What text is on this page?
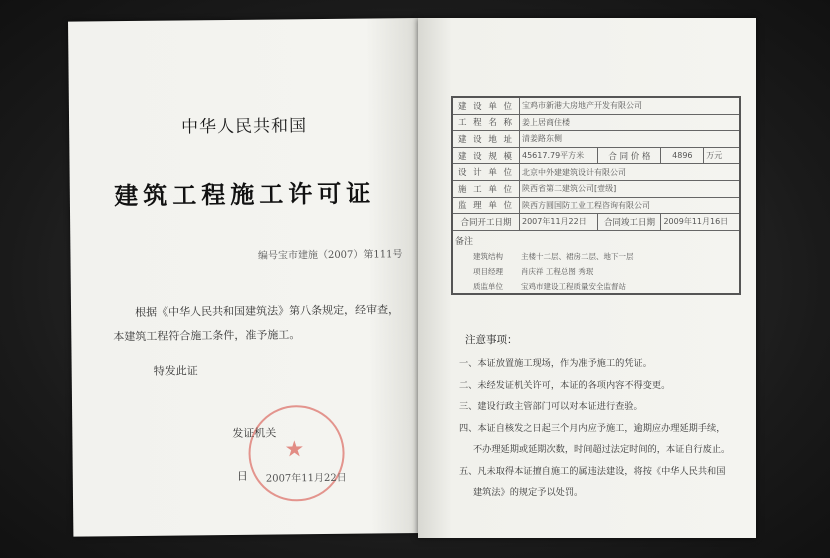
中华人民共和国
建筑工程施工许可证
编号宝市建施（2007）第111号
根据《中华人民共和国建筑法》第八条规定，经审查，本建筑工程符合施工条件，准予施工。
特发此证
★
发证机关
日 2007年11月22日
建 设 单 位	宝鸡市新港大房地产开发有限公司			
工 程 名 称	姜上居商住楼			
建 设 地 址	清姜路东侧			
建 设 规 模	45617.79平方米	合 同 价 格	4896	万元
设 计 单 位	北京中外建建筑设计有限公司			
施 工 单 位	陕西省第二建筑公司[壹级]			
监 理 单 位	陕西方圆国防工业工程咨询有限公司			
合同开工日期	2007年11月22日	合同竣工日期	2009年11月16日	

备注
建筑结构 主楼十二层、裙房二层、地下一层
项目经理 肖庆祥 工程总图 秀珉
质监单位 宝鸡市建设工程质量安全监督站				
注意事项：
一、本证放置施工现场，作为准予施工的凭证。
二、未经发证机关许可，本证的各项内容不得变更。
三、建设行政主管部门可以对本证进行查验。
四、本证自核发之日起三个月内应予施工，逾期应办理延期手续，
不办理延期或延期次数，时间超过法定时间的，本证自行废止。
五、凡未取得本证擅自施工的属违法建设，将按《中华人民共和国
建筑法》的规定予以处罚。
